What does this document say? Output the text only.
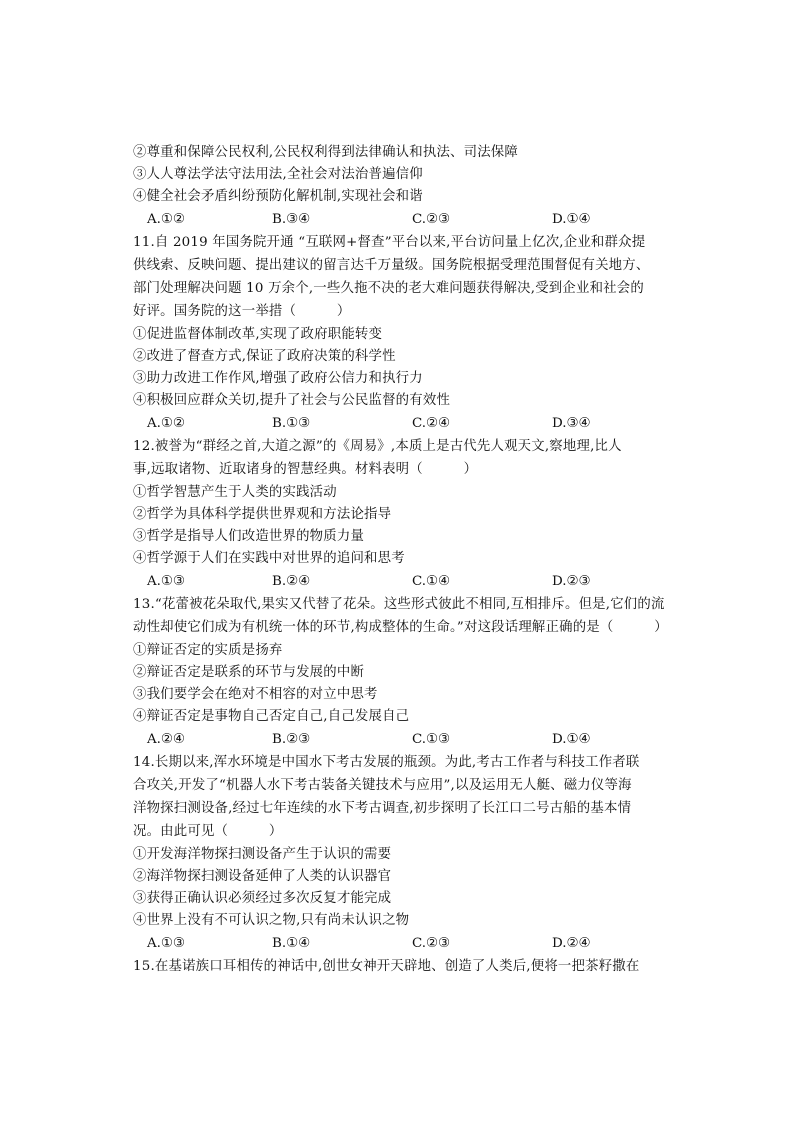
②尊重和保障公民权利,公民权利得到法律确认和执法、司法保障
③人人尊法学法守法用法,全社会对法治普遍信仰
④健全社会矛盾纠纷预防化解机制,实现社会和谐
A.①②	B.③④	C.②③	D.①④
11.自 2019 年国务院开通 “互联网+督查”平台以来,平台访问量上亿次,企业和群众提
供线索、反映问题、提出建议的留言达千万量级。国务院根据受理范围督促有关地方、
部门处理解决问题 10 万余个,一些久拖不决的老大难问题获得解决,受到企业和社会的
好评。国务院的这一举措（　　　）
①促进监督体制改革,实现了政府职能转变
②改进了督查方式,保证了政府决策的科学性
③助力改进工作作风,增强了政府公信力和执行力
④积极回应群众关切,提升了社会与公民监督的有效性
A.①②	B.①③	C.②④	D.③④
12.被誉为“群经之首,大道之源”的《周易》,本质上是古代先人观天文,察地理,比人
事,远取诸物、近取诸身的智慧经典。材料表明（　　　）
①哲学智慧产生于人类的实践活动
②哲学为具体科学提供世界观和方法论指导
③哲学是指导人们改造世界的物质力量
④哲学源于人们在实践中对世界的追问和思考
A.①③	B.②④	C.①④	D.②③
13.“花蕾被花朵取代,果实又代替了花朵。这些形式彼此不相同,互相排斥。但是,它们的流
动性却使它们成为有机统一体的环节,构成整体的生命。”对这段话理解正确的是（　　　）
①辩证否定的实质是扬弃
②辩证否定是联系的环节与发展的中断
③我们要学会在绝对不相容的对立中思考
④辩证否定是事物自己否定自己,自己发展自己
A.②④	B.②③	C.①③	D.①④
14.长期以来,浑水环境是中国水下考古发展的瓶颈。为此,考古工作者与科技工作者联
合攻关,开发了“机器人水下考古装备关键技术与应用”,以及运用无人艇、磁力仪等海
洋物探扫测设备,经过七年连续的水下考古调查,初步探明了长江口二号古船的基本情
况。由此可见（　　　）
①开发海洋物探扫测设备产生于认识的需要
②海洋物探扫测设备延伸了人类的认识器官
③获得正确认识必须经过多次反复才能完成
④世界上没有不可认识之物,只有尚未认识之物
A.①③	B.①④	C.②③	D.②④
15.在基诺族口耳相传的神话中,创世女神开天辟地、创造了人类后,便将一把茶籽撒在
